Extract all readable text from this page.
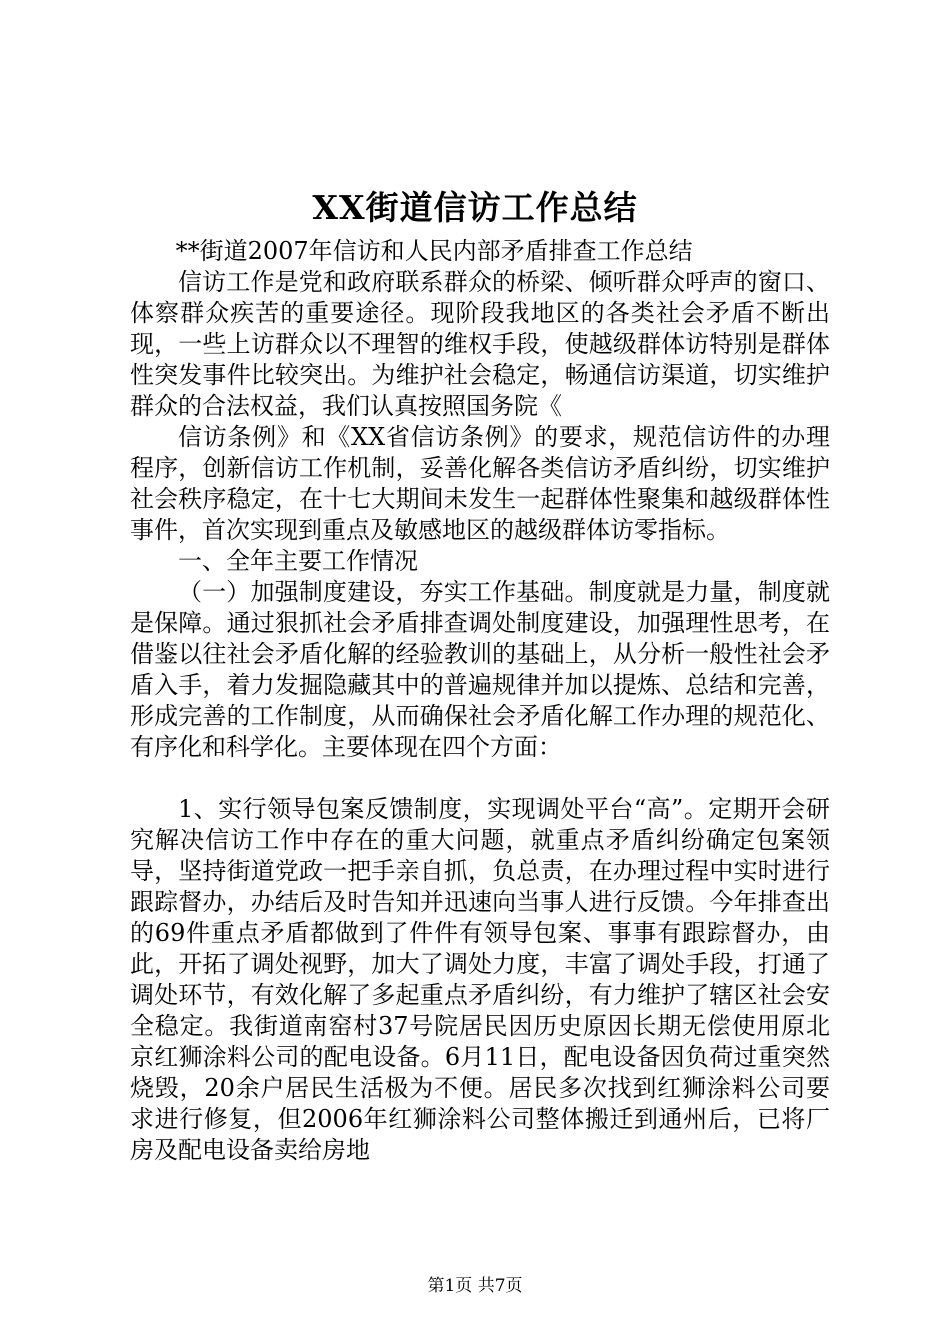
XX街道信访工作总结

**街道2007年信访和人民内部矛盾排查工作总结

信访工作是党和政府联系群众的桥梁、倾听群众呼声的窗口、体察群众疾苦的重要途径。现阶段我地区的各类社会矛盾不断出现，一些上访群众以不理智的维权手段，使越级群体访特别是群体性突发事件比较突出。为维护社会稳定，畅通信访渠道，切实维护群众的合法权益，我们认真按照国务院《

信访条例》和《XX省信访条例》的要求，规范信访件的办理程序，创新信访工作机制，妥善化解各类信访矛盾纠纷，切实维护社会秩序稳定，在十七大期间未发生一起群体性聚集和越级群体性事件，首次实现到重点及敏感地区的越级群体访零指标。

一、全年主要工作情况

（一）加强制度建设，夯实工作基础。制度就是力量，制度就是保障。通过狠抓社会矛盾排查调处制度建设，加强理性思考，在借鉴以往社会矛盾化解的经验教训的基础上，从分析一般性社会矛盾入手，着力发掘隐藏其中的普遍规律并加以提炼、总结和完善，形成完善的工作制度，从而确保社会矛盾化解工作办理的规范化、有序化和科学化。主要体现在四个方面：

1、实行领导包案反馈制度，实现调处平台“高”。定期开会研究解决信访工作中存在的重大问题，就重点矛盾纠纷确定包案领导，坚持街道党政一把手亲自抓，负总责，在办理过程中实时进行跟踪督办，办结后及时告知并迅速向当事人进行反馈。今年排查出的69件重点矛盾都做到了件件有领导包案、事事有跟踪督办，由此，开拓了调处视野，加大了调处力度，丰富了调处手段，打通了调处环节，有效化解了多起重点矛盾纠纷，有力维护了辖区社会安全稳定。我街道南窑村37号院居民因历史原因长期无偿使用原北京红狮涂料公司的配电设备。6月11日，配电设备因负荷过重突然烧毁，20余户居民生活极为不便。居民多次找到红狮涂料公司要求进行修复，但2006年红狮涂料公司整体搬迁到通州后，已将厂房及配电设备卖给房地

第1页 共7页
